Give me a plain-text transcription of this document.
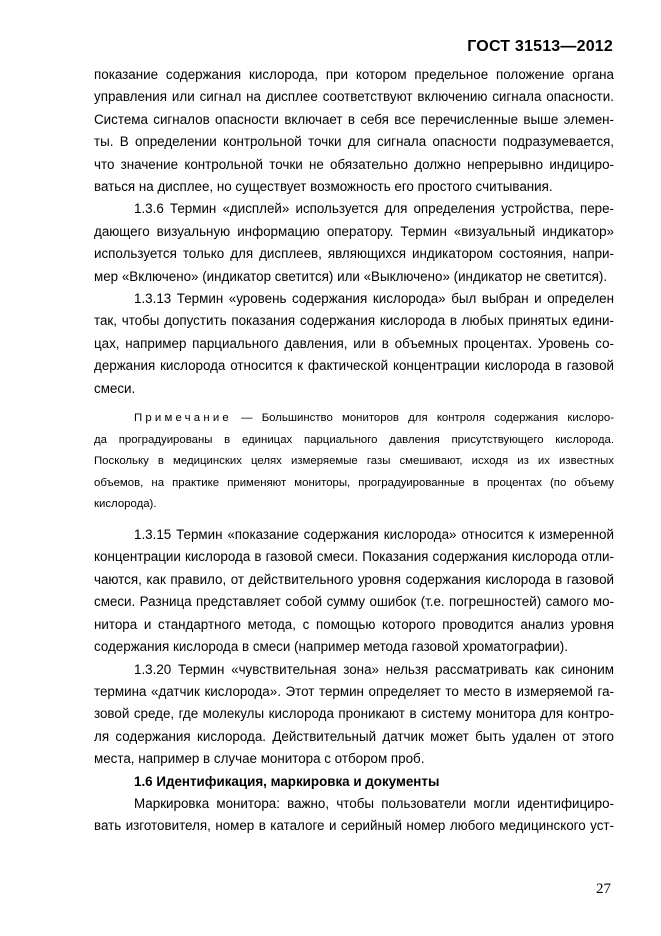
ГОСТ 31513—2012

показание содержания кислорода, при котором предельное положение органа

управления или сигнал на дисплее соответствуют включению сигнала опасности.

Система сигналов опасности включает в себя все перечисленные выше элемен-

ты. В определении контрольной точки для сигнала опасности подразумевается,

что значение контрольной точки не обязательно должно непрерывно индициро-

ваться на дисплее, но существует возможность его простого считывания.

1.3.6 Термин «дисплей» используется для определения устройства, пере-

дающего визуальную информацию оператору. Термин «визуальный индикатор»

используется только для дисплеев, являющихся индикатором состояния, напри-

мер «Включено» (индикатор светится) или «Выключено» (индикатор не светится).

1.3.13 Термин «уровень содержания кислорода» был выбран и определен

так, чтобы допустить показания содержания кислорода в любых принятых едини-

цах, например парциального давления, или в объемных процентах. Уровень со-

держания кислорода относится к фактической концентрации кислорода в газовой

смеси.

Примечание — Большинство мониторов для контроля содержания кислоро-

да проградуированы в единицах парциального давления присутствующего кислорода.

Поскольку в медицинских целях измеряемые газы смешивают, исходя из их известных

объемов, на практике применяют мониторы, проградуированные в процентах (по объему

кислорода).

1.3.15 Термин «показание содержания кислорода» относится к измеренной

концентрации кислорода в газовой смеси. Показания содержания кислорода отли-

чаются, как правило, от действительного уровня содержания кислорода в газовой

смеси. Разница представляет собой сумму ошибок (т.е. погрешностей) самого мо-

нитора и стандартного метода, с помощью которого проводится анализ уровня

содержания кислорода в смеси (например метода газовой хроматографии).

1.3.20 Термин «чувствительная зона» нельзя рассматривать как синоним

термина «датчик кислорода». Этот термин определяет то место в измеряемой га-

зовой среде, где молекулы кислорода проникают в систему монитора для контро-

ля содержания кислорода. Действительный датчик может быть удален от этого

места, например в случае монитора с отбором проб.

1.6 Идентификация, маркировка и документы

Маркировка монитора: важно, чтобы пользователи могли идентифициро-

вать изготовителя, номер в каталоге и серийный номер любого медицинского уст-

27
